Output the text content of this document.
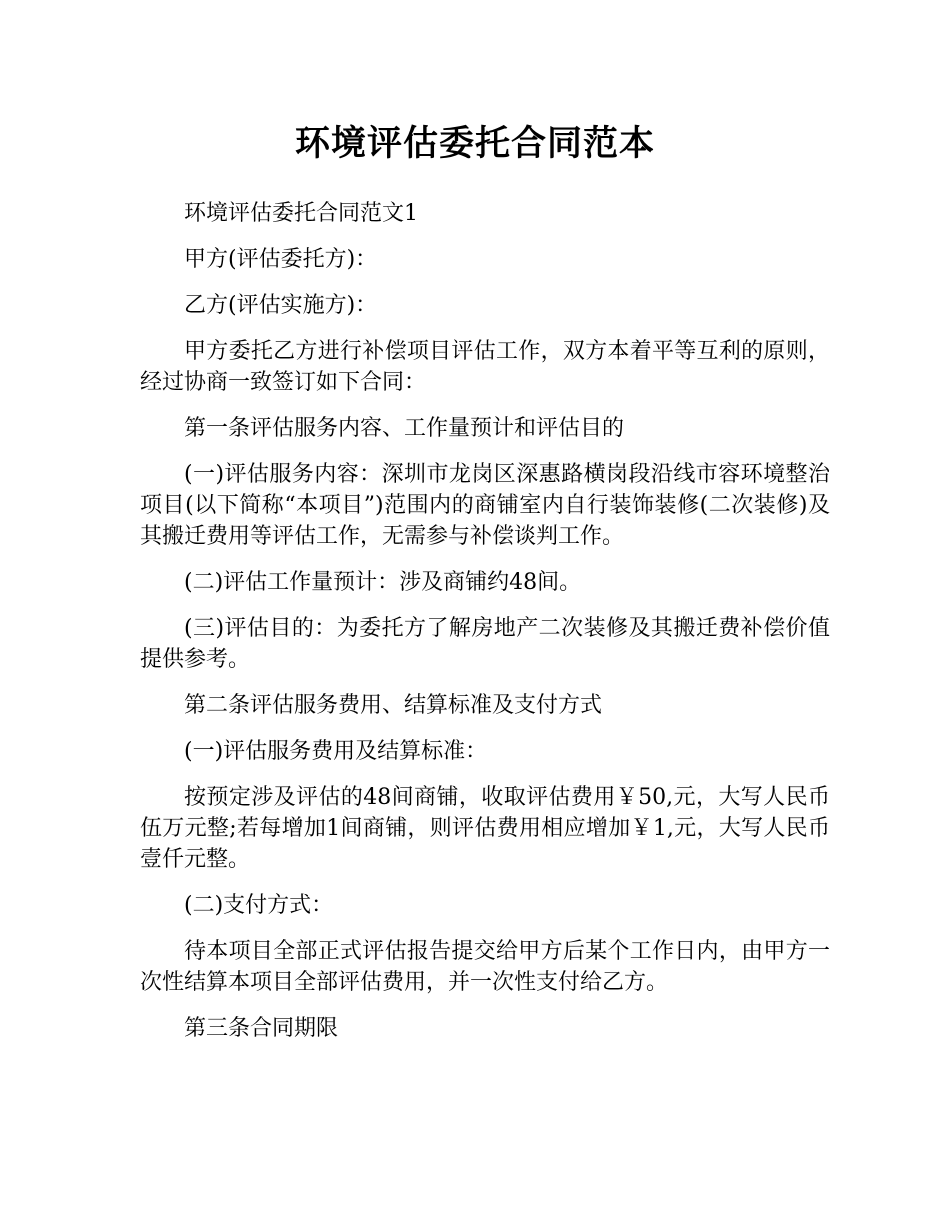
环境评估委托合同范本

环境评估委托合同范文1

甲方(评估委托方)：

乙方(评估实施方)：

甲方委托乙方进行补偿项目评估工作，双方本着平等互利的原则，经过协商一致签订如下合同：

第一条评估服务内容、工作量预计和评估目的

(一)评估服务内容：深圳市龙岗区深惠路横岗段沿线市容环境整治项目(以下简称“本项目”)范围内的商铺室内自行装饰装修(二次装修)及其搬迁费用等评估工作，无需参与补偿谈判工作。

(二)评估工作量预计：涉及商铺约48间。

(三)评估目的：为委托方了解房地产二次装修及其搬迁费补偿价值提供参考。

第二条评估服务费用、结算标准及支付方式

(一)评估服务费用及结算标准：

按预定涉及评估的48间商铺，收取评估费用￥50,元，大写人民币伍万元整;若每增加1间商铺，则评估费用相应增加￥1,元，大写人民币壹仟元整。

(二)支付方式：

待本项目全部正式评估报告提交给甲方后某个工作日内，由甲方一次性结算本项目全部评估费用，并一次性支付给乙方。

第三条合同期限
